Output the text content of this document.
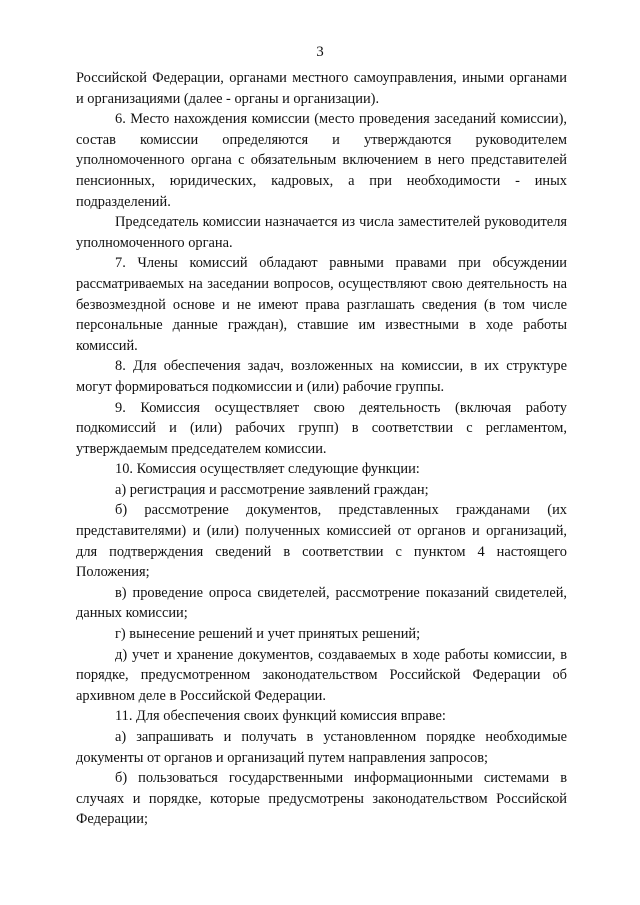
3

Российской Федерации, органами местного самоуправления, иными органами и организациями (далее - органы и организации).

6. Место нахождения комиссии (место проведения заседаний комиссии), состав комиссии определяются и утверждаются руководителем уполномоченного органа с обязательным включением в него представителей пенсионных, юридических, кадровых, а при необходимости - иных подразделений.

Председатель комиссии назначается из числа заместителей руководителя уполномоченного органа.

7. Члены комиссий обладают равными правами при обсуждении рассматриваемых на заседании вопросов, осуществляют свою деятельность на безвозмездной основе и не имеют права разглашать сведения (в том числе персональные данные граждан), ставшие им известными в ходе работы комиссий.

8. Для обеспечения задач, возложенных на комиссии, в их структуре могут формироваться подкомиссии и (или) рабочие группы.

9. Комиссия осуществляет свою деятельность (включая работу подкомиссий и (или) рабочих групп) в соответствии с регламентом, утверждаемым председателем комиссии.

10. Комиссия осуществляет следующие функции:

а) регистрация и рассмотрение заявлений граждан;

б) рассмотрение документов, представленных гражданами (их представителями) и (или) полученных комиссией от органов и организаций, для подтверждения сведений в соответствии с пунктом 4 настоящего Положения;

в) проведение опроса свидетелей, рассмотрение показаний свидетелей, данных комиссии;

г) вынесение решений и учет принятых решений;

д) учет и хранение документов, создаваемых в ходе работы комиссии, в порядке, предусмотренном законодательством Российской Федерации об архивном деле в Российской Федерации.

11. Для обеспечения своих функций комиссия вправе:

а) запрашивать и получать в установленном порядке необходимые документы от органов и организаций путем направления запросов;

б) пользоваться государственными информационными системами в случаях и порядке, которые предусмотрены законодательством Российской Федерации;
